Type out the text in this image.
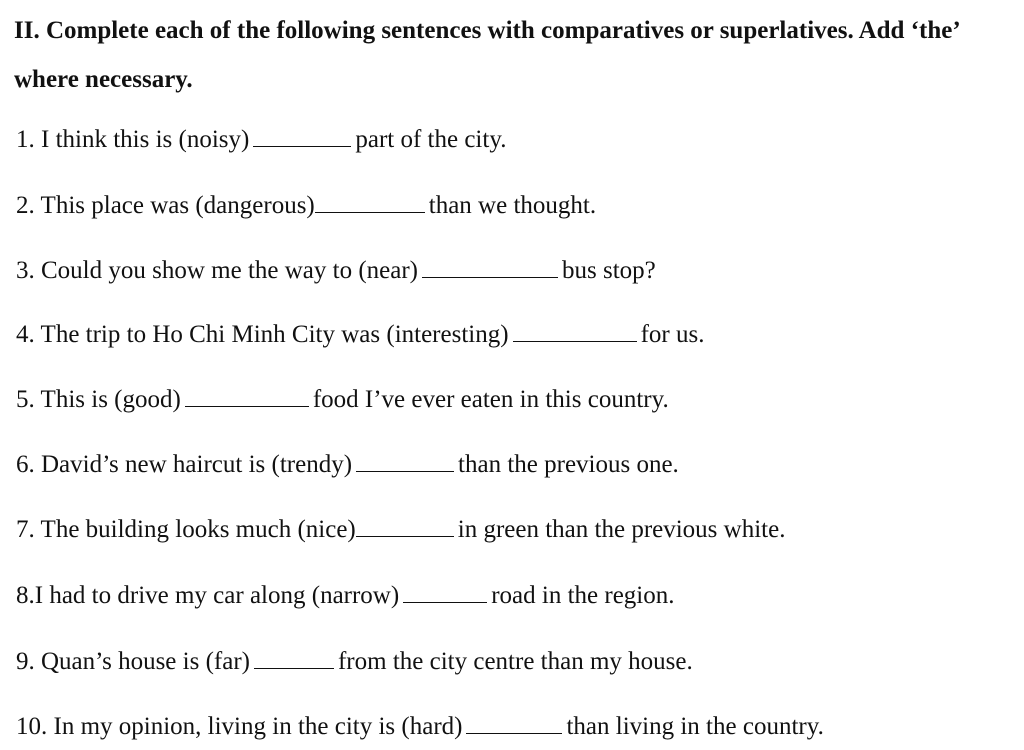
II. Complete each of the following sentences with comparatives or superlatives. Add ‘the’ where necessary.

1. I think this is (noisy)	part of the city.
2. This place was (dangerous)	than we thought.
3. Could you show me the way to (near)	bus stop?
4. The trip to Ho Chi Minh City was (interesting)	for us.
5. This is (good)	food I’ve ever eaten in this country.
6. David’s new haircut is (trendy)	than the previous one.
7. The building looks much (nice)	in green than the previous white.
8.I had to drive my car along (narrow)	road in the region.
9. Quan’s house is (far)	from the city centre than my house.
10. In my opinion, living in the city is (hard)	than living in the country.
